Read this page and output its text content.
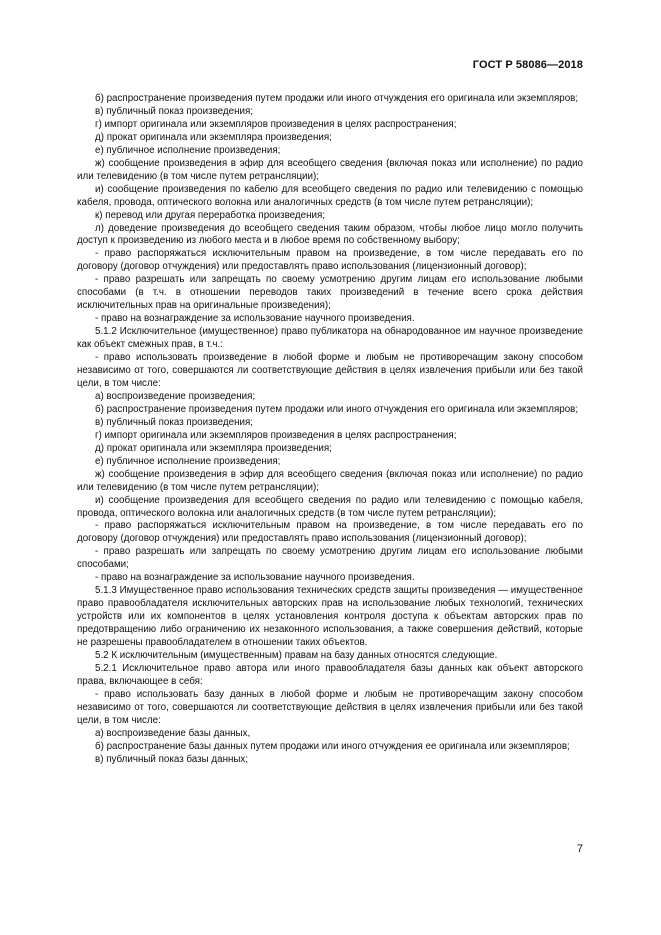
ГОСТ Р 58086—2018

б) распространение произведения путем продажи или иного отчуждения его оригинала или экземпляров;

в) публичный показ произведения;

г) импорт оригинала или экземпляров произведения в целях распространения;

д) прокат оригинала или экземпляра произведения;

е) публичное исполнение произведения;

ж) сообщение произведения в эфир для всеобщего сведения (включая показ или исполнение) по радио или телевидению (в том числе путем ретрансляции);

и) сообщение произведения по кабелю для всеобщего сведения по радио или телевидению с помощью кабеля, провода, оптического волокна или аналогичных средств (в том числе путем ретрансляции);

к) перевод или другая переработка произведения;

л) доведение произведения до всеобщего сведения таким образом, чтобы любое лицо могло получить доступ к произведению из любого места и в любое время по собственному выбору;

- право распоряжаться исключительным правом на произведение, в том числе передавать его по договору (договор отчуждения) или предоставлять право использования (лицензионный договор);

- право разрешать или запрещать по своему усмотрению другим лицам его использование любыми способами (в т.ч. в отношении переводов таких произведений в течение всего срока действия исключительных прав на оригинальные произведения);

- право на вознаграждение за использование научного произведения.

5.1.2 Исключительное (имущественное) право публикатора на обнародованное им научное произведение как объект смежных прав, в т.ч.:

- право использовать произведение в любой форме и любым не противоречащим закону способом независимо от того, совершаются ли соответствующие действия в целях извлечения прибыли или без такой цели, в том числе:

а) воспроизведение произведения;

б) распространение произведения путем продажи или иного отчуждения его оригинала или экземпляров;

в) публичный показ произведения;

г) импорт оригинала или экземпляров произведения в целях распространения;

д) прокат оригинала или экземпляра произведения;

е) публичное исполнение произведения;

ж) сообщение произведения в эфир для всеобщего сведения (включая показ или исполнение) по радио или телевидению (в том числе путем ретрансляции);

и) сообщение произведения для всеобщего сведения по радио или телевидению с помощью кабеля, провода, оптического волокна или аналогичных средств (в том числе путем ретрансляции);

- право распоряжаться исключительным правом на произведение, в том числе передавать его по договору (договор отчуждения) или предоставлять право использования (лицензионный договор);

- право разрешать или запрещать по своему усмотрению другим лицам его использование любыми способами;

- право на вознаграждение за использование научного произведения.

5.1.3 Имущественное право использования технических средств защиты произведения — имущественное право правообладателя исключительных авторских прав на использование любых технологий, технических устройств или их компонентов в целях установления контроля доступа к объектам авторских прав по предотвращению либо ограничению их незаконного использования, а также совершения действий, которые не разрешены правообладателем в отношении таких объектов.

5.2 К исключительным (имущественным) правам на базу данных относятся следующие.

5.2.1 Исключительное право автора или иного правообладателя базы данных как объект авторского права, включающее в себя:

- право использовать базу данных в любой форме и любым не противоречащим закону способом независимо от того, совершаются ли соответствующие действия в целях извлечения прибыли или без такой цели, в том числе:

а) воспроизведение базы данных,

б) распространение базы данных путем продажи или иного отчуждения ее оригинала или экземпляров;

в) публичный показ базы данных;

7
